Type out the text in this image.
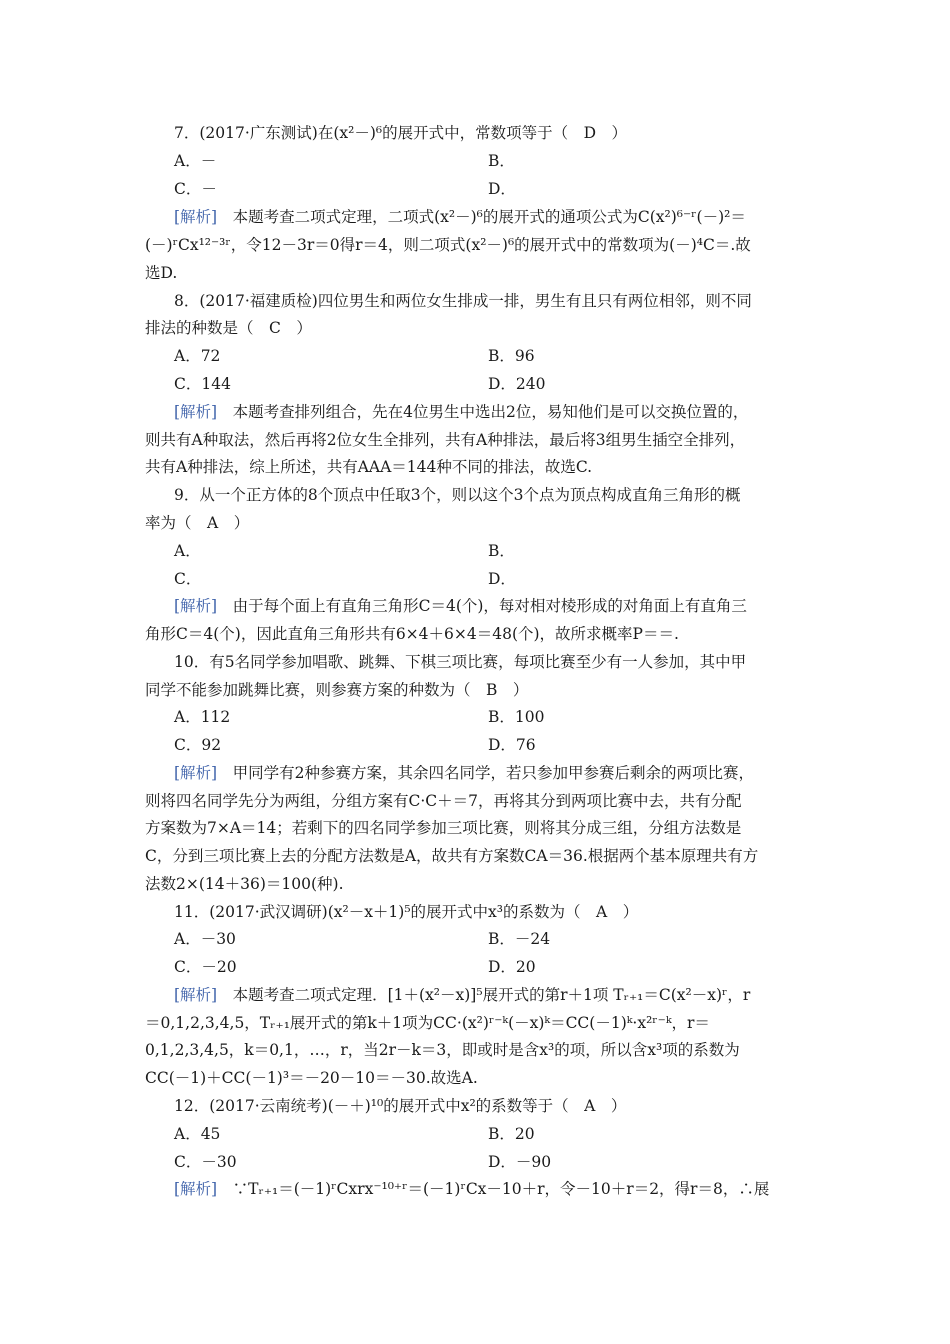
7．(2017·广东测试)在(x²－)⁶的展开式中，常数项等于（　D　）
A．－	B．
C．－	D．
[解析]　本题考查二项式定理，二项式(x²－)⁶的展开式的通项公式为C(x²)⁶⁻ʳ(－)²＝
(－)ʳCx¹²⁻³ʳ，令12－3r＝0得r＝4，则二项式(x²－)⁶的展开式中的常数项为(－)⁴C＝.故
选D.
8．(2017·福建质检)四位男生和两位女生排成一排，男生有且只有两位相邻，则不同
排法的种数是（　C　）
A．72	B．96
C．144	D．240
[解析]　本题考查排列组合，先在4位男生中选出2位，易知他们是可以交换位置的，
则共有A种取法，然后再将2位女生全排列，共有A种排法，最后将3组男生插空全排列，
共有A种排法，综上所述，共有AAA＝144种不同的排法，故选C.
9．从一个正方体的8个顶点中任取3个，则以这个3个点为顶点构成直角三角形的概
率为（　A　）
A．	B．
C．	D．
[解析]　由于每个面上有直角三角形C＝4(个)，每对相对棱形成的对角面上有直角三
角形C＝4(个)，因此直角三角形共有6×4＋6×4＝48(个)，故所求概率P＝＝.
10．有5名同学参加唱歌、跳舞、下棋三项比赛，每项比赛至少有一人参加，其中甲
同学不能参加跳舞比赛，则参赛方案的种数为（　B　）
A．112	B．100
C．92	D．76
[解析]　甲同学有2种参赛方案，其余四名同学，若只参加甲参赛后剩余的两项比赛，
则将四名同学先分为两组，分组方案有C·C＋＝7，再将其分到两项比赛中去，共有分配
方案数为7×A＝14；若剩下的四名同学参加三项比赛，则将其分成三组，分组方法数是
C，分到三项比赛上去的分配方法数是A，故共有方案数CA＝36.根据两个基本原理共有方
法数2×(14＋36)＝100(种).
11．(2017·武汉调研)(x²－x＋1)⁵的展开式中x³的系数为（　A　）
A．－30	B．－24
C．－20	D．20
[解析]　本题考查二项式定理．[1＋(x²－x)]⁵展开式的第r＋1项 Tᵣ₊₁＝C(x²－x)ʳ，r
＝0,1,2,3,4,5，Tᵣ₊₁展开式的第k＋1项为CC·(x²)ʳ⁻ᵏ(－x)ᵏ＝CC(－1)ᵏ·x²ʳ⁻ᵏ，r＝
0,1,2,3,4,5，k＝0,1，…，r，当2r－k＝3，即或时是含x³的项，所以含x³项的系数为
CC(－1)＋CC(－1)³＝－20－10＝－30.故选A.
12．(2017·云南统考)(－＋)¹⁰的展开式中x²的系数等于（　A　）
A．45	B．20
C．－30	D．－90
[解析]　∵Tᵣ₊₁＝(－1)ʳCxrx⁻¹⁰⁺ʳ＝(－1)ʳCx－10＋r，令－10＋r＝2，得r＝8，∴展
